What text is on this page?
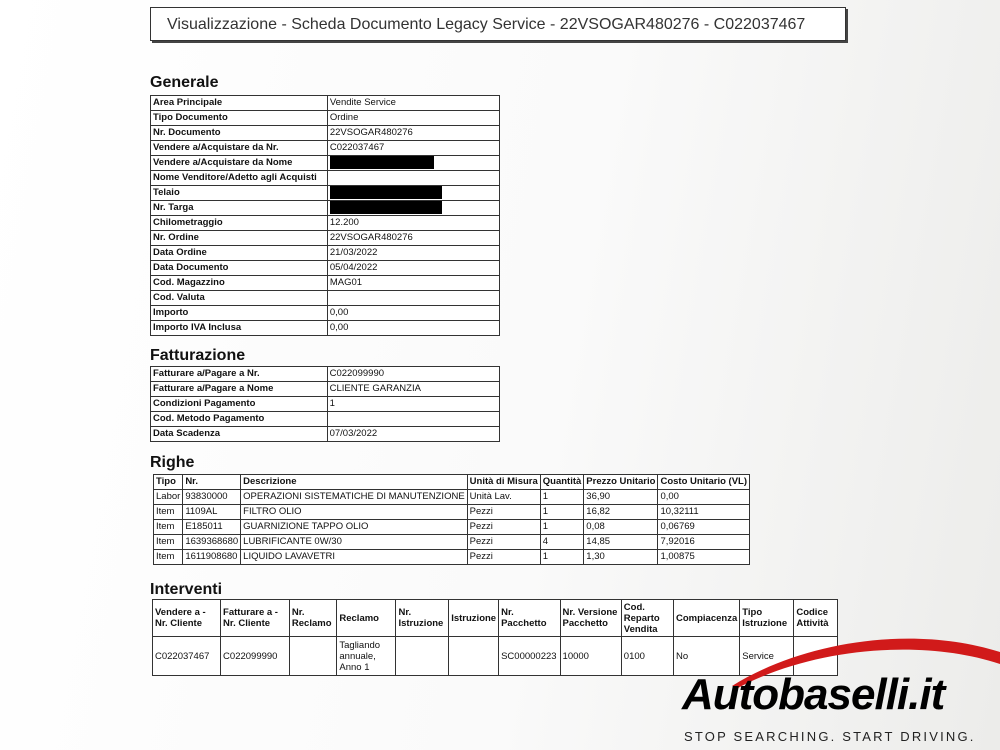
Visualizzazione - Scheda Documento Legacy Service - 22VSOGAR480276 - C022037467
Generale
Area Principale	Vendite Service
Tipo Documento	Ordine
Nr. Documento	22VSOGAR480276
Vendere a/Acquistare da Nr.	C022037467
Vendere a/Acquistare da Nome	
Nome Venditore/Adetto agli Acquisti	
Telaio	
Nr. Targa	
Chilometraggio	12.200
Nr. Ordine	22VSOGAR480276
Data Ordine	21/03/2022
Data Documento	05/04/2022
Cod. Magazzino	MAG01
Cod. Valuta	
Importo	0,00
Importo IVA Inclusa	0,00
Fatturazione
Fatturare a/Pagare a Nr.	C022099990
Fatturare a/Pagare a Nome	CLIENTE GARANZIA
Condizioni Pagamento	1
Cod. Metodo Pagamento	
Data Scadenza	07/03/2022
Righe
Tipo	Nr.	Descrizione	Unità di Misura	Quantità	Prezzo Unitario	Costo Unitario (VL)
Labor	93830000	OPERAZIONI SISTEMATICHE DI MANUTENZIONE	Unità Lav.	1	36,90	0,00
Item	1109AL	FILTRO OLIO	Pezzi	1	16,82	10,32111
Item	E185011	GUARNIZIONE TAPPO OLIO	Pezzi	1	0,08	0,06769
Item	1639368680	LUBRIFICANTE 0W/30	Pezzi	4	14,85	7,92016
Item	1611908680	LIQUIDO LAVAVETRI	Pezzi	1	1,30	1,00875
Interventi
Vendere a - Nr. Cliente	Fatturare a - Nr. Cliente	Nr. Reclamo	Reclamo	Nr. Istruzione	Istruzione	Nr. Pacchetto	Nr. Versione Pacchetto	Cod. Reparto Vendita	Compiacenza	Tipo Istruzione	Codice Attività
C022037467	C022099990		Tagliando annuale, Anno 1			SC00000223	10000	0100	No	Service	
Autobaselli.it
STOP SEARCHING. START DRIVING.
